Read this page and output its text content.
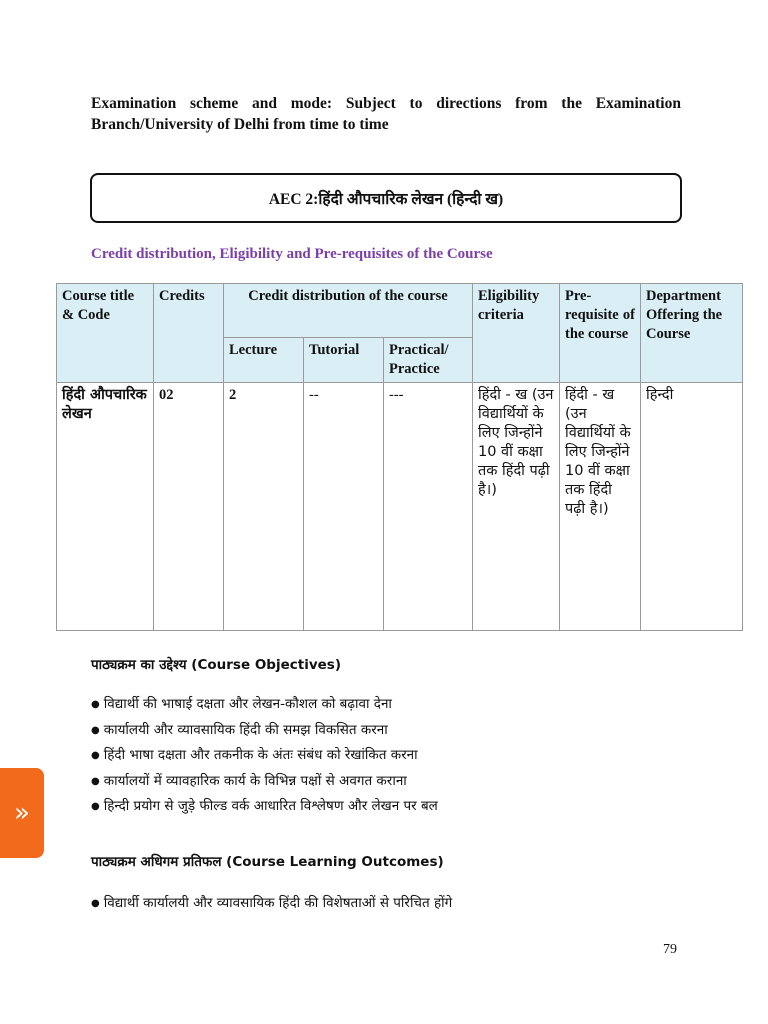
Examination scheme and mode: Subject to directions from the Examination Branch/University of Delhi from time to time
AEC 2:हिंदी औपचारिक लेखन (हिन्दी ख)
Credit distribution, Eligibility and Pre-requisites of the Course
Course title & Code	Credits	Credit distribution of the course			Eligibility criteria	Pre-requisite of the course	Department Offering the Course
		Lecture	Tutorial	Practical/ Practice			
हिंदी औपचारिक लेखन	02	2	--	---	हिंदी - ख (उन विद्यार्थियों के लिए जिन्होंने 10 वीं कक्षा तक हिंदी पढ़ी है।)	हिंदी - ख (उन विद्यार्थियों के लिए जिन्होंने 10 वीं कक्षा तक हिंदी पढ़ी है।)	हिन्दी
पाठ्यक्रम का उद्देश्य (Course Objectives)
● विद्यार्थी की भाषाई दक्षता और लेखन-कौशल को बढ़ावा देना
● कार्यालयी और व्यावसायिक हिंदी की समझ विकसित करना
● हिंदी भाषा दक्षता और तकनीक के अंतः संबंध को रेखांकित करना
● कार्यालयों में व्यावहारिक कार्य के विभिन्न पक्षों से अवगत कराना
● हिन्दी प्रयोग से जुड़े फील्ड वर्क आधारित विश्लेषण और लेखन पर बल
पाठ्यक्रम अधिगम प्रतिफल (Course Learning Outcomes)
● विद्यार्थी कार्यालयी और व्यावसायिक हिंदी की विशेषताओं से परिचित होंगे
»
79
